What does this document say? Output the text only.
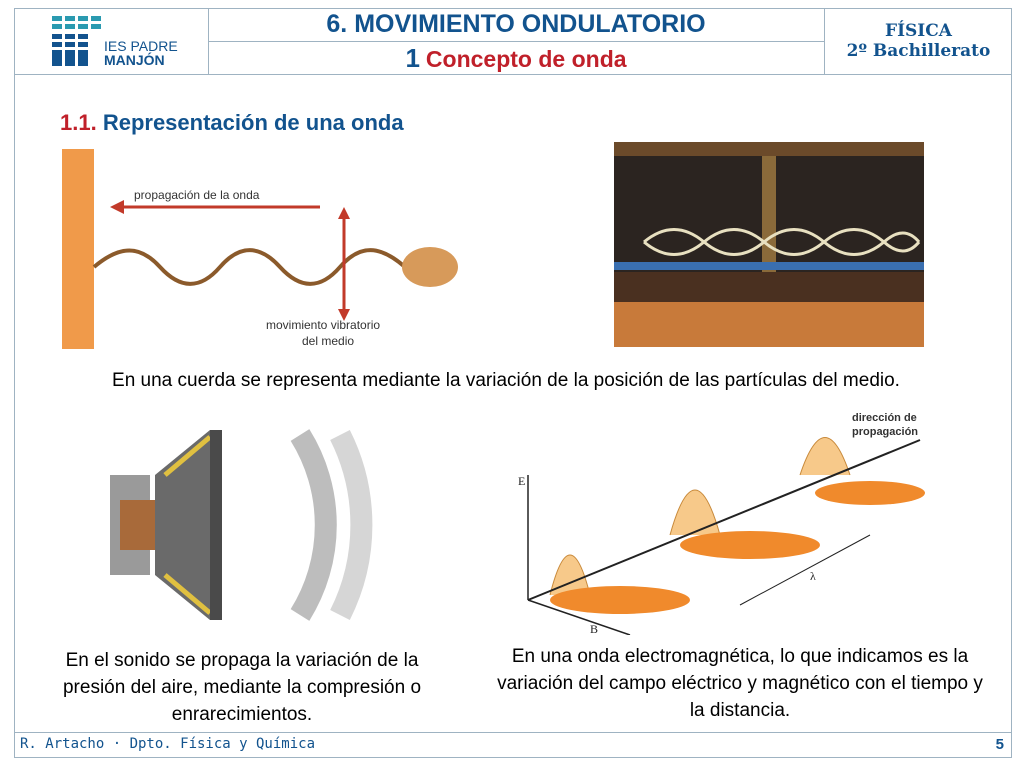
IES PADRE
MANJÓN
6. MOVIMIENTO ONDULATORIO
1 Concepto de onda
FÍSICA
2º Bachillerato
1.1. Representación de una onda
propagación de la onda
movimiento vibratorio
del medio
En una cuerda se representa mediante la variación de la posición de las partículas del medio.
dirección de
propagación
E
B
λ
En el sonido se propaga la variación de la presión del aire, mediante la compresión o enrarecimientos.
En una onda electromagnética, lo que indicamos es la variación del campo eléctrico y magnético con el tiempo y la distancia.
R. Artacho · Dpto. Física y Química	5
